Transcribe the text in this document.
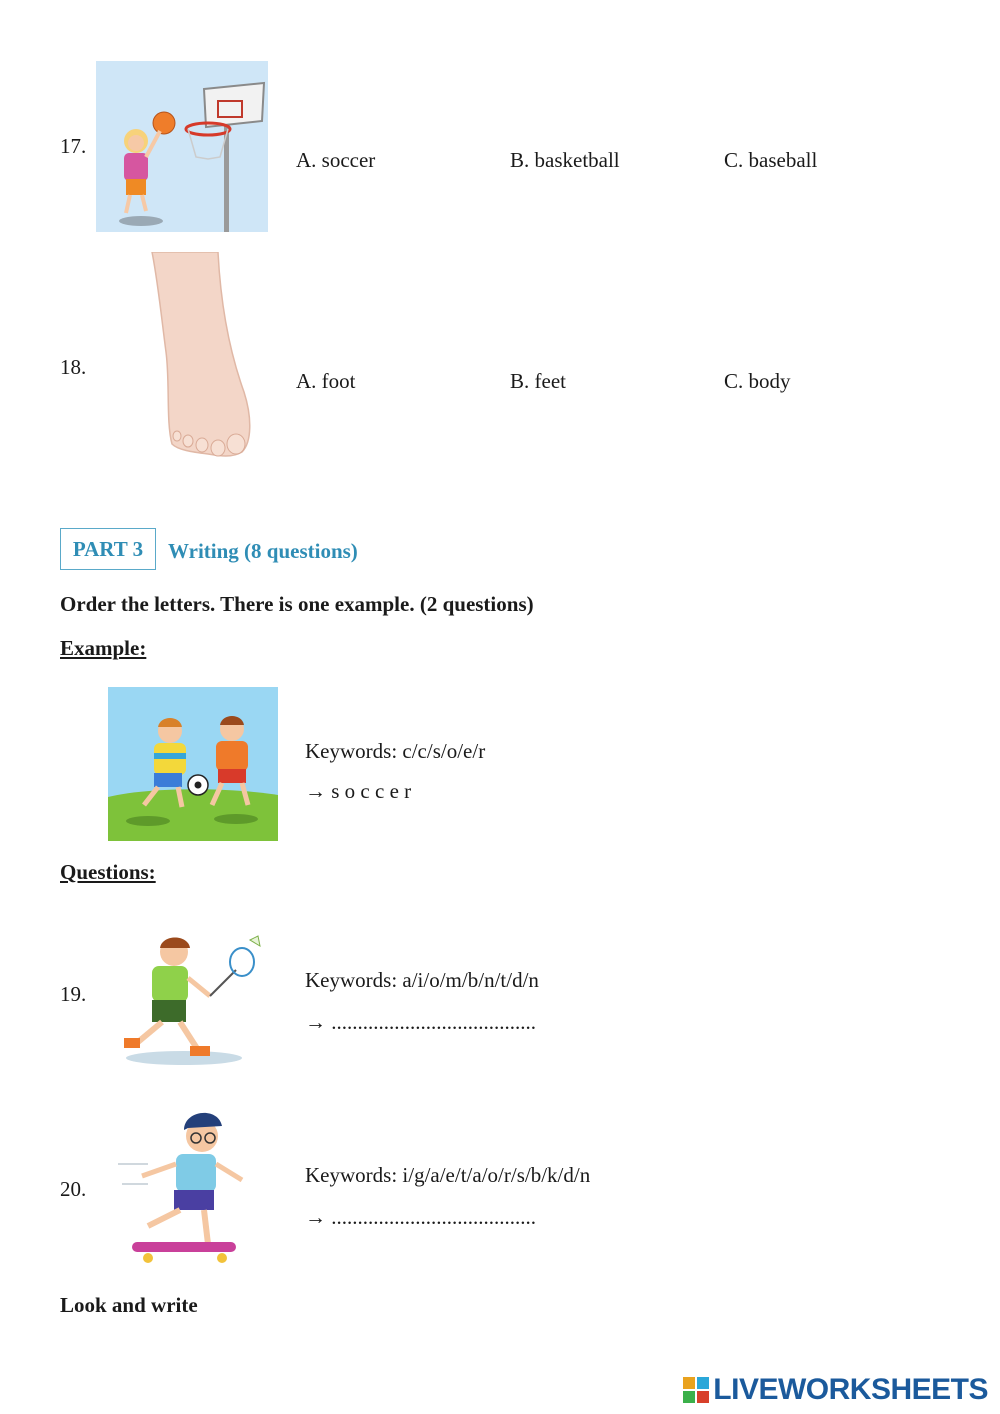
17.
A. soccer	B. basketball	C. baseball
18.
A. foot	B. feet	C. body
PART 3	Writing (8 questions)
Order the letters. There is one example. (2 questions)
Example:
Keywords: c/c/s/o/e/r
→ s o c c e r
Questions:
19.
Keywords: a/i/o/m/b/n/t/d/n
→ .......................................
20.
Keywords: i/g/a/e/t/a/o/r/s/b/k/d/n
→ .......................................
Look and write
LIVEWORKSHEETS
